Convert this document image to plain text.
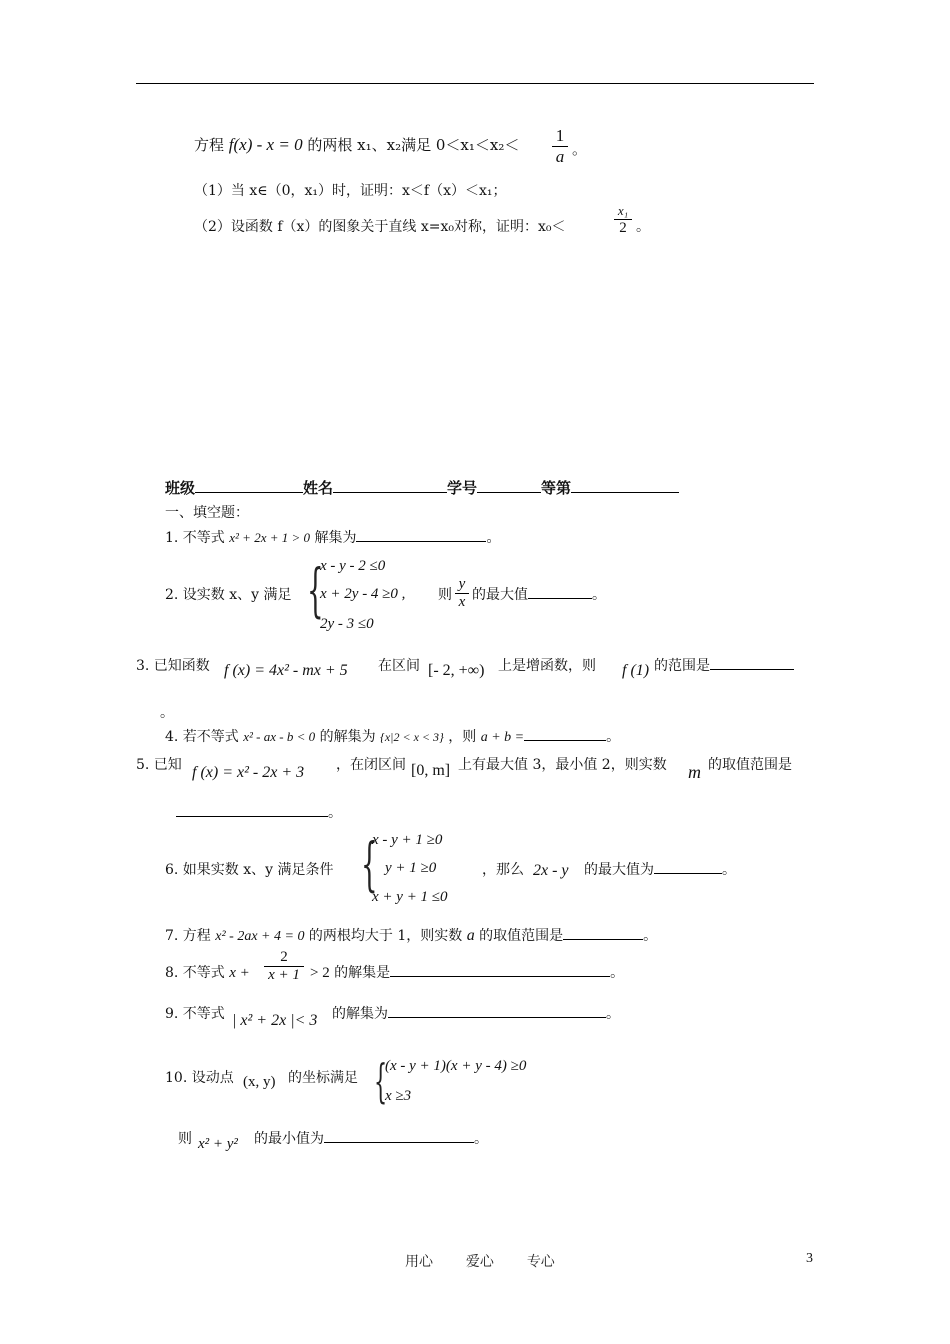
方程 f(x) - x = 0 的两根 x₁、x₂满足 0＜x₁＜x₂＜ 1
a 。
（1）当 x∈（0，x₁）时，证明：x＜f（x）＜x₁；
（2）设函数 f（x）的图象关于直线 x=x₀对称，证明：x₀＜
x₁
2 。
班级	姓名	学号	等第
一、填空题：
1. 不等式 x² + 2x + 1 > 0 解集为	。
2. 设实数 x、y 满足 {
x - y - 2 ≤0
x + 2y - 4 ≥0 ,
2y - 3 ≤0
则
y
x 的最大值	。
3. 已知函数 f (x) = 4x² - mx + 5 在区间 [- 2, +∞) 上是增函数，则 f (1) 的范围是
。
4. 若不等式 x² - ax - b < 0 的解集为 {x|2 < x < 3} ，则 a + b =	。
5. 已知 f (x) = x² - 2x + 3 ，在闭区间 [0, m] 上有最大值 3，最小值 2，则实数 m 的取值范围是
。
6. 如果实数 x、y 满足条件 {
x - y + 1 ≥0
y + 1 ≥0
x + y + 1 ≤0
，那么 2x - y 的最大值为	。
7. 方程 x² - 2ax + 4 = 0 的两根均大于 1，则实数 a 的取值范围是	。
8. 不等式 x +
2
x + 1 > 2 的解集是	。
9. 不等式 | x² + 2x |< 3 的解集为	。
10. 设动点 (x, y) 的坐标满足 {
(x - y + 1)(x + y - 4) ≥0
x ≥3
则 x² + y² 的最小值为	。
用心 爱心 专心	3
